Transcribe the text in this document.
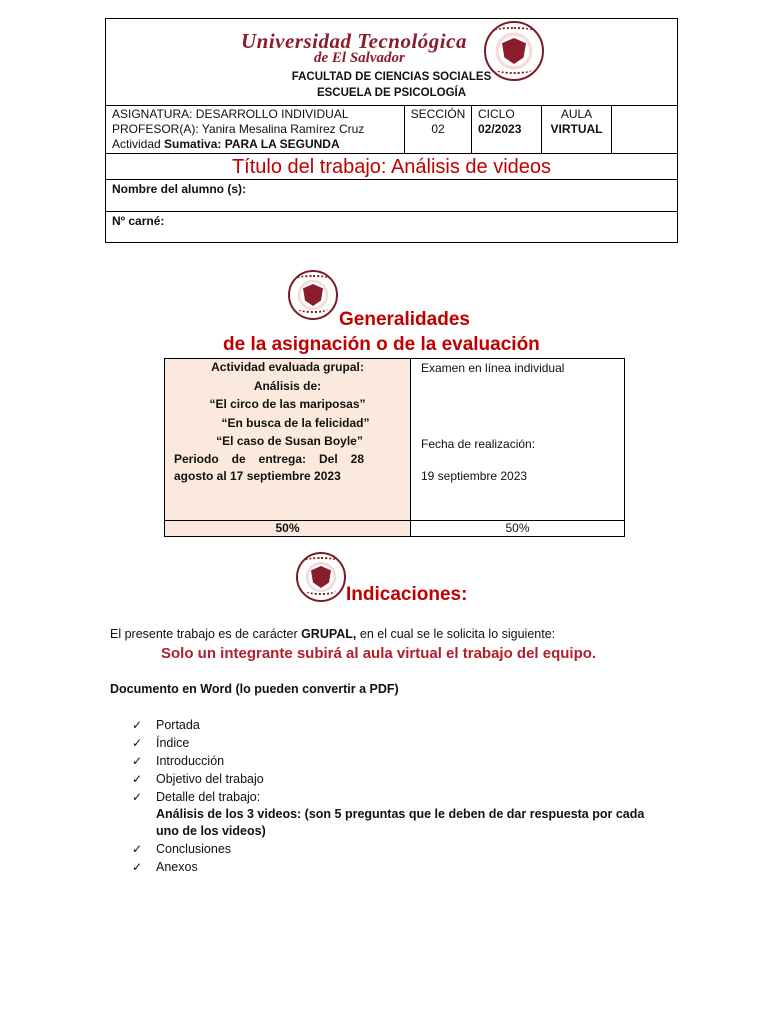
Universidad Tecnológica
de El Salvador
FACULTAD DE CIENCIAS SOCIALES
ESCUELA DE PSICOLOGÍA
ASIGNATURA: DESARROLLO INDIVIDUAL
PROFESOR(A): Yanira Mesalina Ramírez Cruz
Actividad Sumativa: PARA LA SEGUNDA
SECCIÓN
02
CICLO
02/2023
AULA
VIRTUAL
Título del trabajo: Análisis de videos
Nombre del alumno (s):
Nº carné:
Generalidades
de la asignación o de la evaluación
Actividad evaluada grupal:
Análisis de:
“El circo de las mariposas”
“En busca de la felicidad”
“El caso de Susan Boyle”
Periodo de entrega: Del 28
agosto al 17 septiembre 2023
Examen en línea individual
Fecha de realización:
19 septiembre 2023
50%	50%
Indicaciones:
El presente trabajo es de carácter GRUPAL, en el cual se le solicita lo siguiente:
Solo un integrante subirá al aula virtual el trabajo del equipo.
Documento en Word (lo pueden convertir a PDF)
✓ Portada
✓ Índice
✓ Introducción
✓ Objetivo del trabajo
✓ Detalle del trabajo:
Análisis de los 3 videos: (son 5 preguntas que le deben de dar respuesta por cada
uno de los videos)
✓ Conclusiones
✓ Anexos
